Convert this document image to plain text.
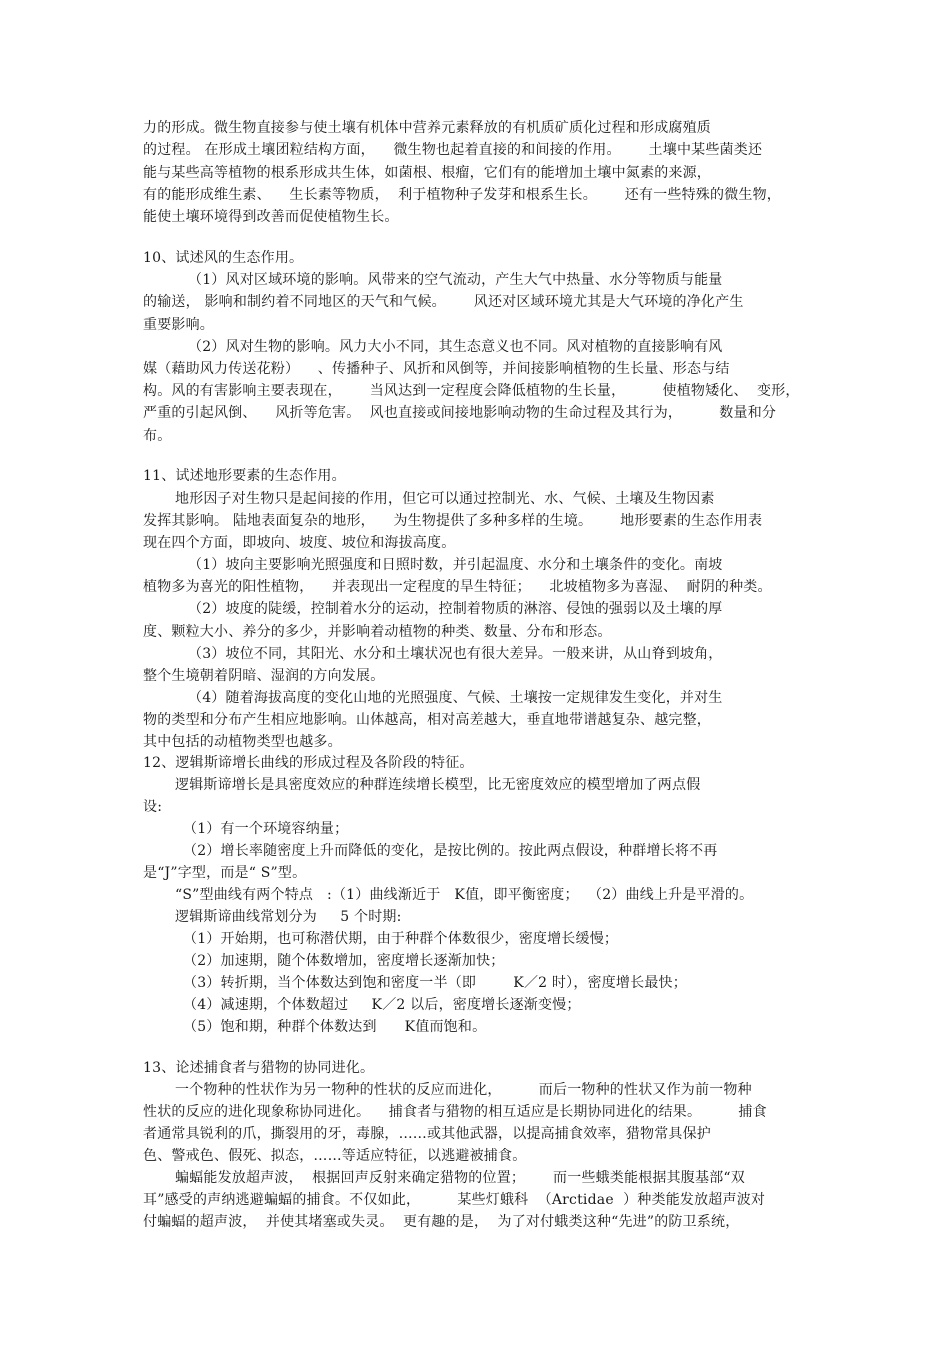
力的形成。微生物直接参与使土壤有机体中营养元素释放的有机质矿质化过程和形成腐殖质
的过程。 在形成土壤团粒结构方面，    微生物也起着直接的和间接的作用。      土壤中某些菌类还
能与某些高等植物的根系形成共生体，如菌根、根瘤，它们有的能增加土壤中氮素的来源，
有的能形成维生素、    生长素等物质，  利于植物种子发芽和根系生长。      还有一些特殊的微生物，
能使土壤环境得到改善而促使植物生长。
10、试述风的生态作用。
（1）风对区域环境的影响。风带来的空气流动，产生大气中热量、水分等物质与能量
的输送， 影响和制约着不同地区的天气和气候。      风还对区域环境尤其是大气环境的净化产生
重要影响。
（2）风对生物的影响。风力大小不同，其生态意义也不同。风对植物的直接影响有风
媒（藉助风力传送花粉）    、传播种子、风折和风倒等，并间接影响植物的生长量、形态与结
构。风的有害影响主要表现在，      当风达到一定程度会降低植物的生长量，        使植物矮化、  变形，
严重的引起风倒、    风折等危害。  风也直接或间接地影响动物的生命过程及其行为，        数量和分
布。
11、试述地形要素的生态作用。
地形因子对生物只是起间接的作用，但它可以通过控制光、水、气候、土壤及生物因素
发挥其影响。 陆地表面复杂的地形，    为生物提供了多种多样的生境。      地形要素的生态作用表
现在四个方面，即坡向、坡度、坡位和海拔高度。
（1）坡向主要影响光照强度和日照时数，并引起温度、水分和土壤条件的变化。南坡
植物多为喜光的阳性植物，    并表现出一定程度的旱生特征；    北坡植物多为喜湿、  耐阴的种类。
（2）坡度的陡缓，控制着水分的运动，控制着物质的淋溶、侵蚀的强弱以及土壤的厚
度、颗粒大小、养分的多少，并影响着动植物的种类、数量、分布和形态。
（3）坡位不同，其阳光、水分和土壤状况也有很大差异。一般来讲，从山脊到坡角，
整个生境朝着阴暗、湿润的方向发展。
（4）随着海拔高度的变化山地的光照强度、气候、土壤按一定规律发生变化，并对生
物的类型和分布产生相应地影响。山体越高，相对高差越大，垂直地带谱越复杂、越完整，
其中包括的动植物类型也越多。
12、逻辑斯谛增长曲线的形成过程及各阶段的特征。
逻辑斯谛增长是具密度效应的种群连续增长模型，比无密度效应的模型增加了两点假
设:
（1）有一个环境容纳量；
（2）增长率随密度上升而降低的变化，是按比例的。按此两点假设，种群增长将不再
是“J”字型，而是“ S”型。
“S”型曲线有两个特点   :（1）曲线渐近于   K值，即平衡密度；  （2）曲线上升是平滑的。
逻辑斯谛曲线常划分为     5 个时期:
（1）开始期，也可称潜伏期，由于种群个体数很少，密度增长缓慢；
（2）加速期，随个体数增加，密度增长逐渐加快；
（3）转折期，当个体数达到饱和密度一半（即        K／2 时），密度增长最快；
（4）减速期，个体数超过     K／2 以后，密度增长逐渐变慢；
（5）饱和期，种群个体数达到      K值而饱和。
13、论述捕食者与猎物的协同进化。
一个物种的性状作为另一物种的性状的反应而进化，        而后一物种的性状又作为前一物种
性状的反应的进化现象称协同进化。    捕食者与猎物的相互适应是长期协同进化的结果。        捕食
者通常具锐利的爪，撕裂用的牙，毒腺，……或其他武器，以提高捕食效率，猎物常具保护
色、警戒色、假死、拟态，……等适应特征，以逃避被捕食。
蝙蝠能发放超声波，  根据回声反射来确定猎物的位置；      而一些蛾类能根据其腹基部“双
耳”感受的声纳逃避蝙蝠的捕食。不仅如此，        某些灯蛾科  （Arctidae  ）种类能发放超声波对
付蝙蝠的超声波，  并使其堵塞或失灵。  更有趣的是，  为了对付蛾类这种“先进”的防卫系统，
